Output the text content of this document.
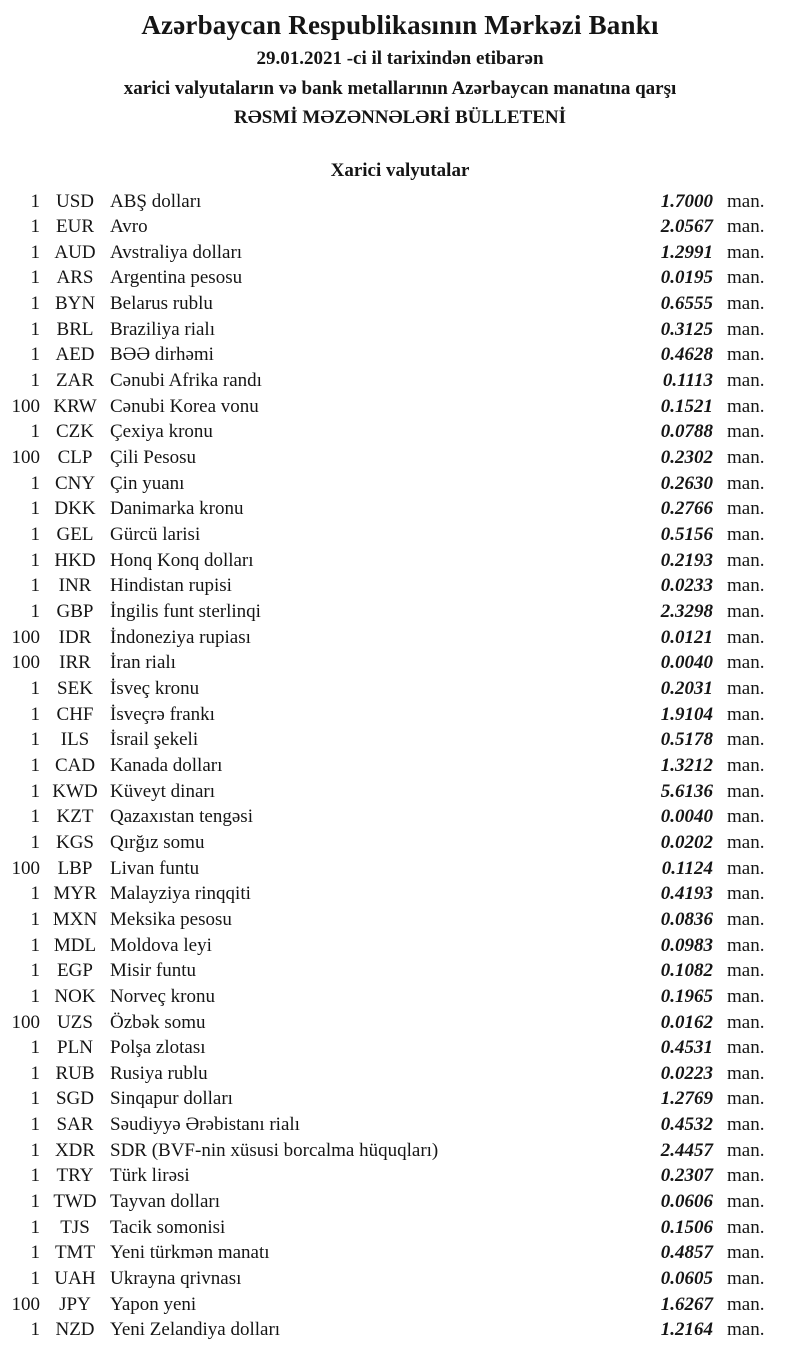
Azərbaycan Respublikasının Mərkəzi Bankı
29.01.2021 -ci il tarixindən etibarən
xarici valyutaların və bank metallarının Azərbaycan manatına qarşı
RƏSMİ MƏZƏNNƏLƏRİ BÜLLETENİ
Xarici valyutalar
1 USD ABŞ dolları	1.7000 man.
1 EUR Avro	2.0567 man.
1 AUD Avstraliya dolları	1.2991 man.
1 ARS Argentina pesosu	0.0195 man.
1 BYN Belarus rublu	0.6555 man.
1 BRL Braziliya rialı	0.3125 man.
1 AED BƏƏ dirhəmi	0.4628 man.
1 ZAR Cənubi Afrika randı	0.1113 man.
100 KRW Cənubi Korea vonu	0.1521 man.
1 CZK Çexiya kronu	0.0788 man.
100 CLP Çili Pesosu	0.2302 man.
1 CNY Çin yuanı	0.2630 man.
1 DKK Danimarka kronu	0.2766 man.
1 GEL Gürcü larisi	0.5156 man.
1 HKD Honq Konq dolları	0.2193 man.
1 INR Hindistan rupisi	0.0233 man.
1 GBP İngilis funt sterlinqi	2.3298 man.
100 IDR İndoneziya rupiası	0.0121 man.
100	IRR	İran rialı	0.0040 man.
1 SEK İsveç kronu	0.2031 man.
1 CHF İsveçrə frankı	1.9104 man.
1	ILS	İsrail şekeli	0.5178 man.
1 CAD Kanada dolları	1.3212 man.
1 KWD Küveyt dinarı	5.6136 man.
1 KZT Qazaxıstan tengəsi	0.0040 man.
1 KGS Qırğız somu	0.0202 man.
100 LBP Livan funtu	0.1124 man.
1 MYR Malayziya rinqqiti	0.4193 man.
1 MXN Meksika pesosu	0.0836 man.
1 MDL Moldova leyi	0.0983 man.
1 EGP Misir funtu	0.1082 man.
1 NOK Norveç kronu	0.1965 man.
100 UZS Özbək somu	0.0162 man.
1 PLN Polşa zlotası	0.4531 man.
1 RUB Rusiya rublu	0.0223 man.
1 SGD Sinqapur dolları	1.2769 man.
1 SAR Səudiyyə Ərəbistanı rialı	0.4532 man.
1 XDR SDR (BVF-nin xüsusi borcalma hüquqları)	2.4457 man.
1 TRY Türk lirəsi	0.2307 man.
1 TWD Tayvan dolları	0.0606 man.
1	TJS	Tacik somonisi	0.1506 man.
1 TMT Yeni türkmən manatı	0.4857 man.
1 UAH Ukrayna qrivnası	0.0605 man.
100	JPY	Yapon yeni	1.6267 man.
1 NZD Yeni Zelandiya dolları	1.2164 man.
